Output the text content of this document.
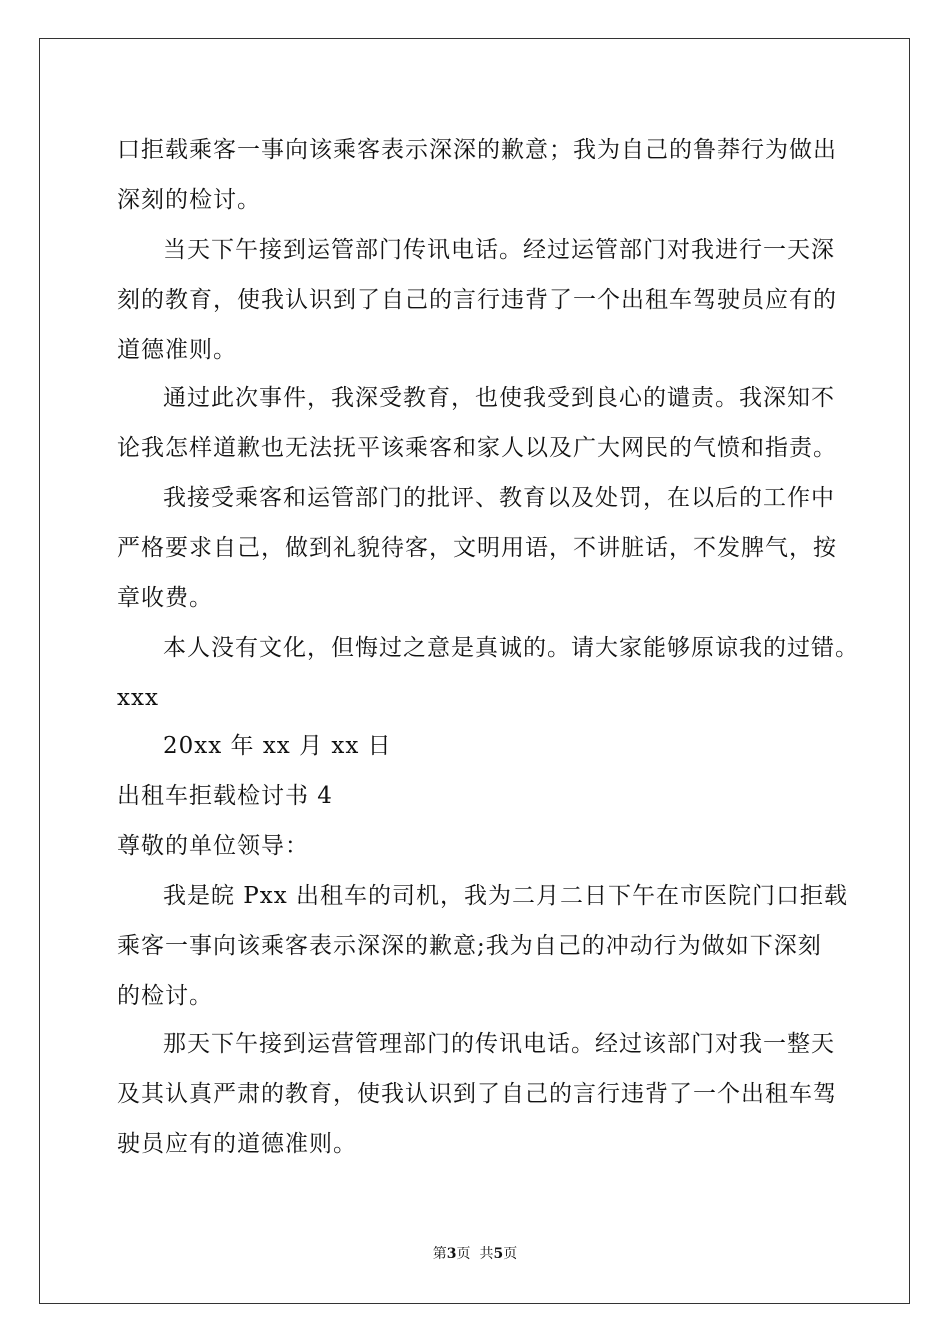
口拒载乘客一事向该乘客表示深深的歉意；我为自己的鲁莽行为做出
深刻的检讨。
当天下午接到运管部门传讯电话。经过运管部门对我进行一天深
刻的教育，使我认识到了自己的言行违背了一个出租车驾驶员应有的
道德准则。
通过此次事件，我深受教育，也使我受到良心的谴责。我深知不
论我怎样道歉也无法抚平该乘客和家人以及广大网民的气愤和指责。
我接受乘客和运管部门的批评、教育以及处罚，在以后的工作中
严格要求自己，做到礼貌待客，文明用语，不讲脏话，不发脾气，按
章收费。
本人没有文化，但悔过之意是真诚的。请大家能够原谅我的过错。
xxx
20xx 年 xx 月 xx 日
出租车拒载检讨书 4
尊敬的单位领导：
我是皖 Pxx 出租车的司机，我为二月二日下午在市医院门口拒载
乘客一事向该乘客表示深深的歉意;我为自己的冲动行为做如下深刻
的检讨。
那天下午接到运营管理部门的传讯电话。经过该部门对我一整天
及其认真严肃的教育，使我认识到了自己的言行违背了一个出租车驾
驶员应有的道德准则。
第3页  共5页
